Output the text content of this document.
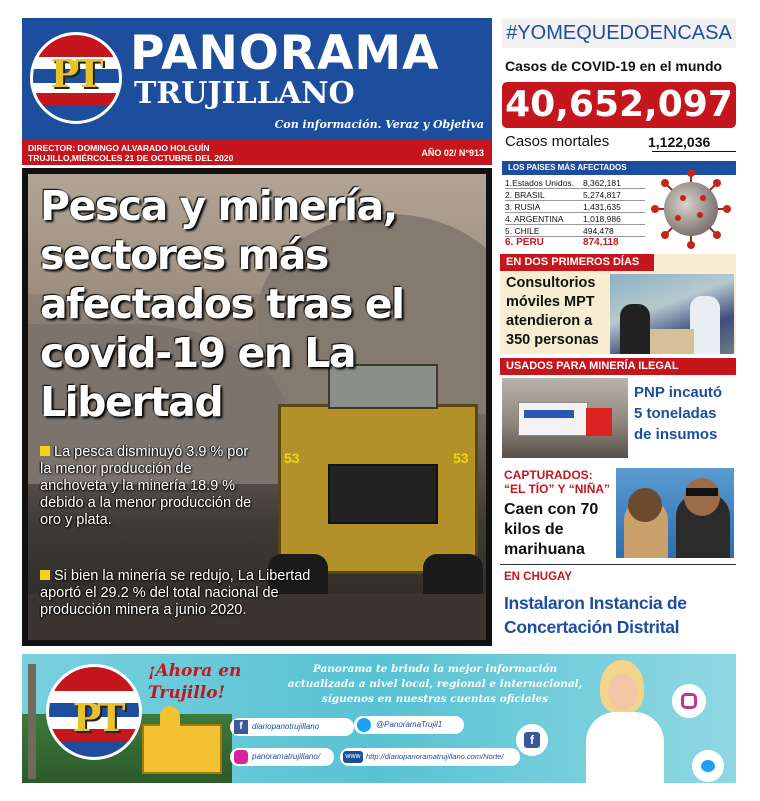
PT PANORAMA
TRUJILLANO
Con información. Veraz y Objetiva
DIRECTOR: DOMINGO ALVARADO HOLGUÍN
TRUJILLO,MIÉRCOLES 21 DE OCTUBRE DEL 2020	AÑO 02/ N°913
53	53
Pesca y minería, sectores más afectados tras el covid-19 en La Libertad
La pesca disminuyó 3.9 % por la menor producción de anchoveta y la minería 18.9 % debido a la menor producción de oro y plata.
Si bien la minería se redujo, La Libertad aportó el 29.2 % del total nacional de producción minera a junio 2020.
#YOMEQUEDOENCASA
Casos de COVID-19 en el mundo
40,652,097
Casos mortales	1,122,036
LOS PAISES MÁS AFECTADOS
1.Estados Unidos. 8,362,181
2. BRASIL	5,274,817
3. RUSIA	1,431,635
4. ARGENTINA 1,018,986
5. CHILE	494,478
6. PERU	874,118
EN DOS PRIMEROS DÍAS
Consultorios móviles MPT atendieron a 350 personas
USADOS PARA MINERÍA ILEGAL
PNP incautó 5 toneladas de insumos
CAPTURADOS:
“EL TÍO” Y “NIÑA”
Caen con 70 kilos de marihuana
EN CHUGAY
Instalaron Instancia de Concertación Distrital
PT
¡Ahora en Trujillo!
Panorama te brinda la mejor información actualizada a nivel local, regional e internacional, síguenos en nuestras cuentas oficiales
f	diariopanotrujillano	@PanoramaTrujil1
panoramatrujillano/	www http://diariopanoramatrujillano.com/Norte/
f
